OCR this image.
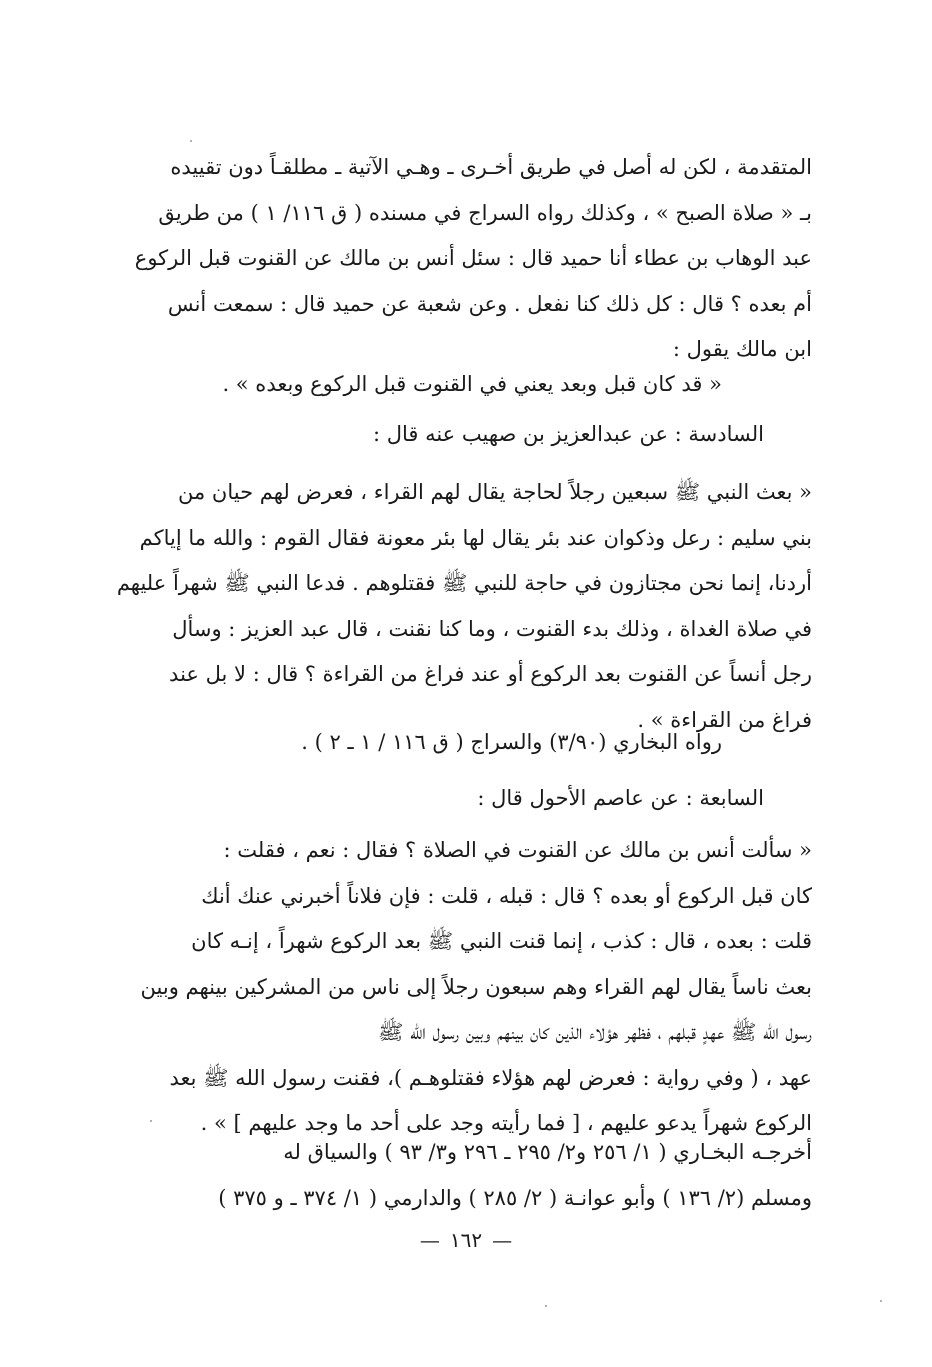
المتقدمة ، لكن له أصل في طريق أخـرى ـ وهـي الآتية ـ مطلقـاً دون تقييده
بـ « صلاة الصبح » ، وكذلك رواه السراج في مسنده ( ق ١١٦/ ١ ) من طريق
عبد الوهاب بن عطاء أنا حميد قال : سئل أنس بن مالك عن القنوت قبل الركوع
أم بعده ؟ قال : كل ذلك كنا نفعل . وعن شعبة عن حميد قال : سمعت أنس
ابن مالك يقول :
« قد كان قبل وبعد يعني في القنوت قبل الركوع وبعده » .
السادسة : عن عبدالعزيز بن صهيب عنه قال :
« بعث النبي ﷺ سبعين رجلاً لحاجة يقال لهم القراء ، فعرض لهم حيان من
بني سليم : رعل وذكوان عند بئر يقال لها بئر معونة فقال القوم : والله ما إياكم
أردنا، إنما نحن مجتازون في حاجة للنبي ﷺ فقتلوهم . فدعا النبي ﷺ شهراً عليهم
في صلاة الغداة ، وذلك بدء القنوت ، وما كنا نقنت ، قال عبد العزيز : وسأل
رجل أنساً عن القنوت بعد الركوع أو عند فراغ من القراءة ؟ قال : لا بل عند
فراغ من القراءة » .
رواه البخاري (٣/٩٠) والسراج ( ق ١١٦ / ١ ـ ٢ ) .
السابعة : عن عاصم الأحول قال :
« سألت أنس بن مالك عن القنوت في الصلاة ؟ فقال : نعم ، فقلت :
كان قبل الركوع أو بعده ؟ قال : قبله ، قلت : فإن فلاناً أخبرني عنك أنك
قلت : بعده ، قال : كذب ، إنما قنت النبي ﷺ بعد الركوع شهراً ، إنـه كان
بعث ناساً يقال لهم القراء وهم سبعون رجلاً إلى ناس من المشركين بينهم وبين
رسول الله ﷺ عهدٍ قبلهم ، فظهر هؤلاء الذين كان بينهم وبين رسول الله ﷺ
عهد ، ( وفي رواية : فعرض لهم هؤلاء فقتلوهـم )، فقنت رسول الله ﷺ بعد
الركوع شهراً يدعو عليهم ، [ فما رأيته وجد على أحد ما وجد عليهم ] » .
أخرجـه البخـاري ( ١/ ٢٥٦ و٢/ ٢٩٥ ـ ٢٩٦ و٣/ ٩٣ ) والسياق له
ومسلم (٢/ ١٣٦ ) وأبو عوانـة ( ٢/ ٢٨٥ ) والدارمي ( ١/ ٣٧٤ ـ و ٣٧٥ )
—١٦٢—
